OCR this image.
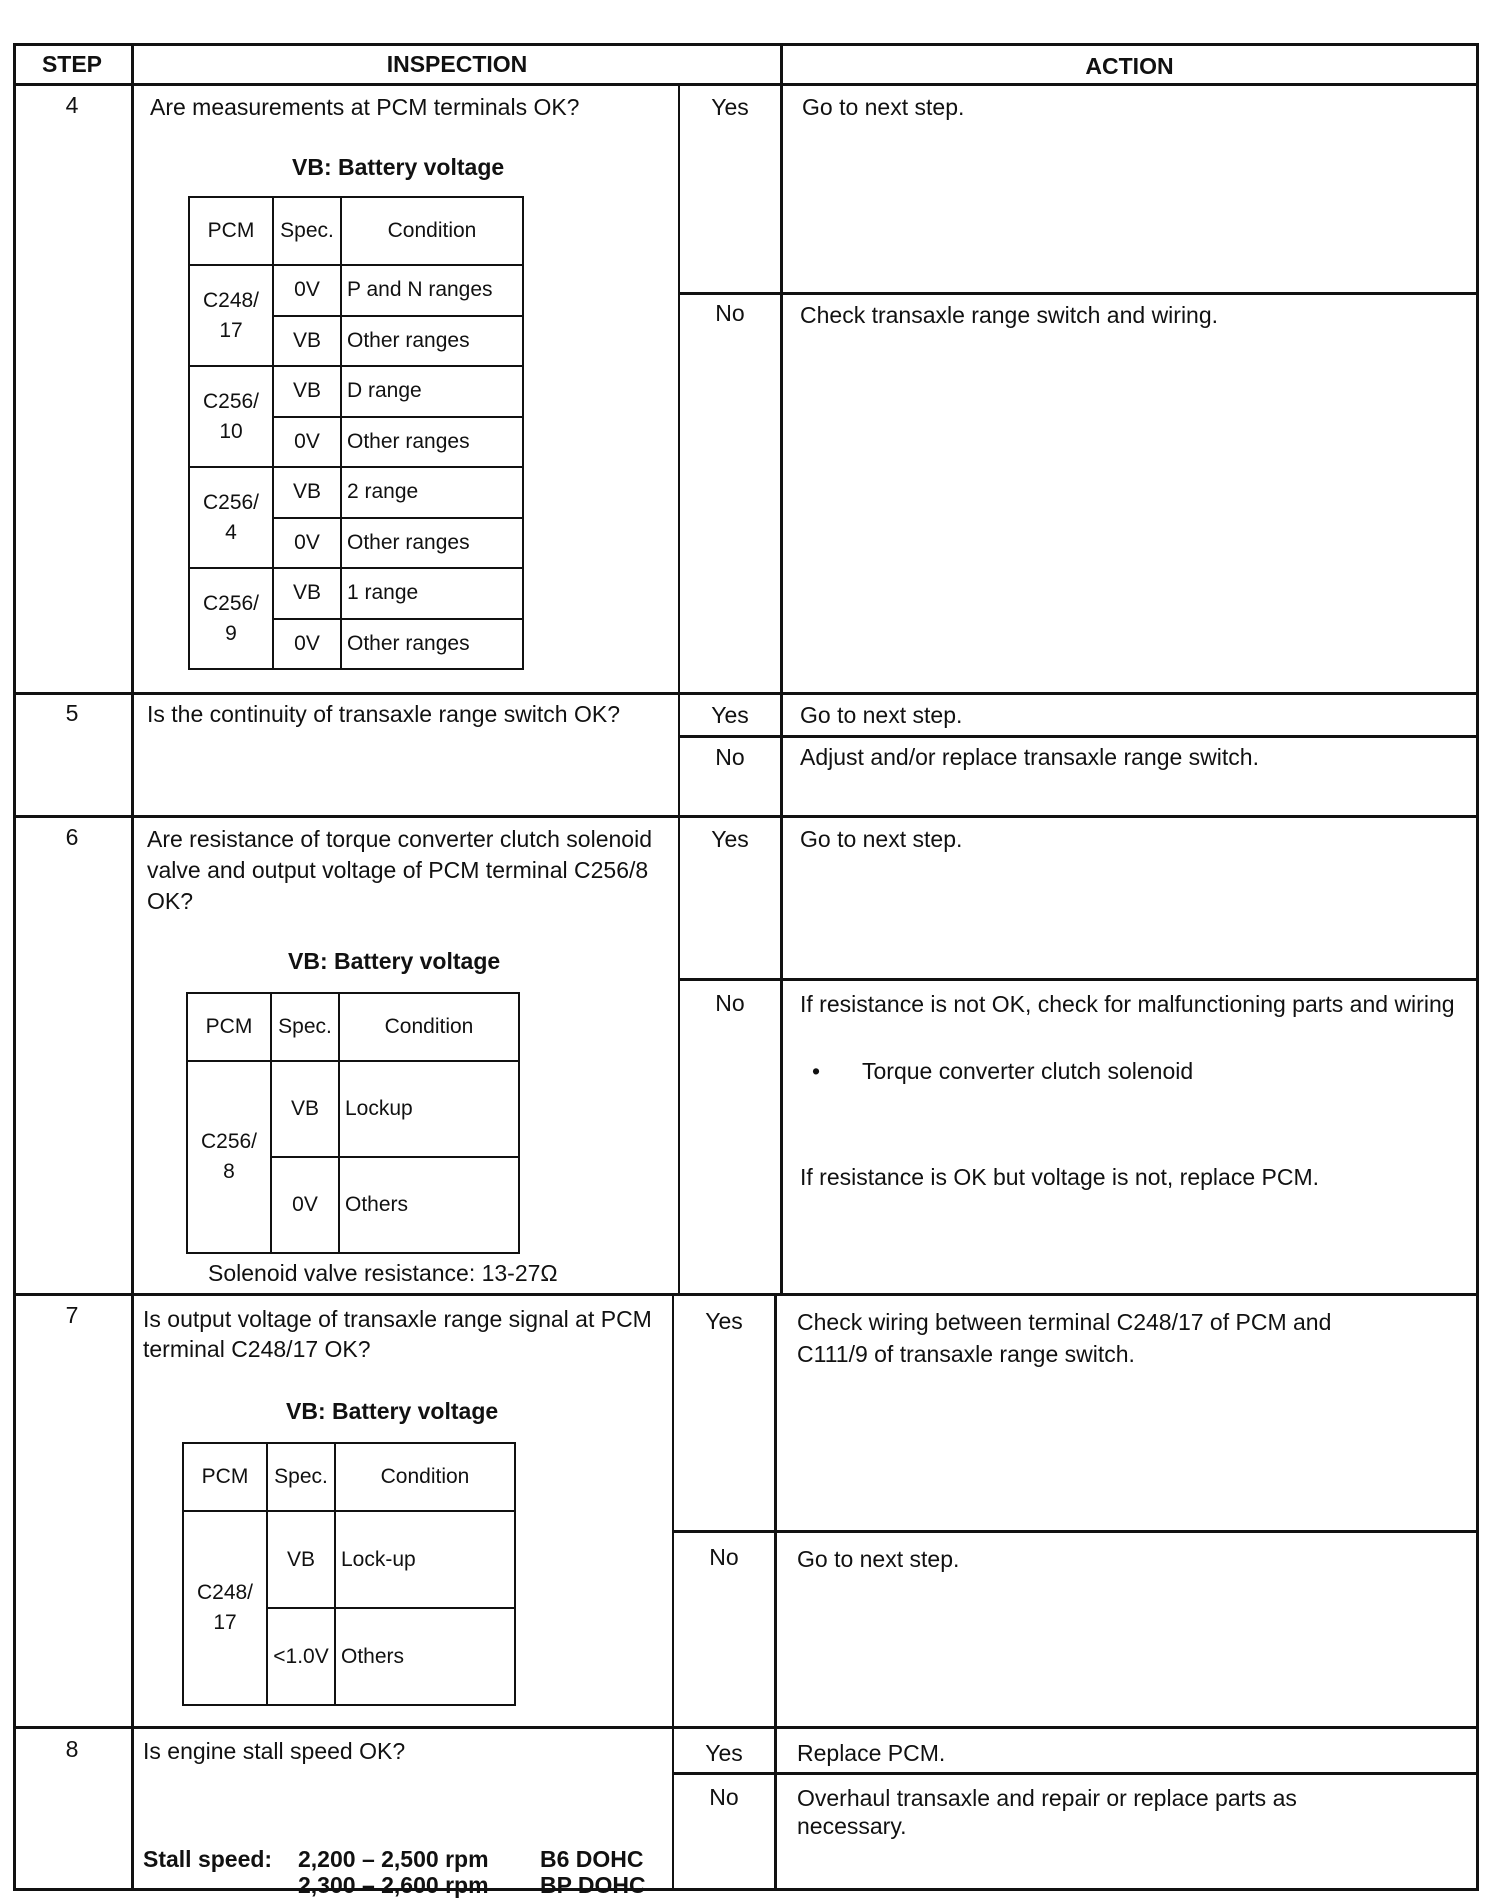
STEP	INSPECTION	ACTION
4	Are measurements at PCM terminals OK?
VB: Battery voltage
PCM	Spec.	Condition
C248/
17	0V	P and N ranges
	VB	Other ranges
C256/
10	VB	D range
	0V	Other ranges
C256/
4	VB	2 range
	0V	Other ranges
C256/
9	VB	1 range
	0V	Other ranges
Yes	Go to next step.
No	Check transaxle range switch and wiring.
5	Is the continuity of transaxle range switch OK?	Yes	Go to next step.
No	Adjust and/or replace transaxle range switch.
6	Are resistance of torque converter clutch solenoid valve and output voltage of PCM terminal C256/8 OK?
VB: Battery voltage
PCM	Spec.	Condition
C256/
8	VB	Lockup
	0V	Others
Solenoid valve resistance: 13-27Ω
Yes	Go to next step.
No	If resistance is not OK, check for malfunctioning parts and wiring
• Torque converter clutch solenoid
If resistance is OK but voltage is not, replace PCM.
7	Is output voltage of transaxle range signal at PCM terminal C248/17 OK?
VB: Battery voltage
PCM	Spec.	Condition
C248/
17	VB	Lock-up
	<1.0V	Others
Yes	Check wiring between terminal C248/17 of PCM and C111/9 of transaxle range switch.
No	Go to next step.
8	Is engine stall speed OK?
Stall speed: 2,200 – 2,500 rpm B6 DOHC
2,300 – 2,600 rpm BP DOHC
Yes	Replace PCM.
No	Overhaul transaxle and repair or replace parts as necessary.
